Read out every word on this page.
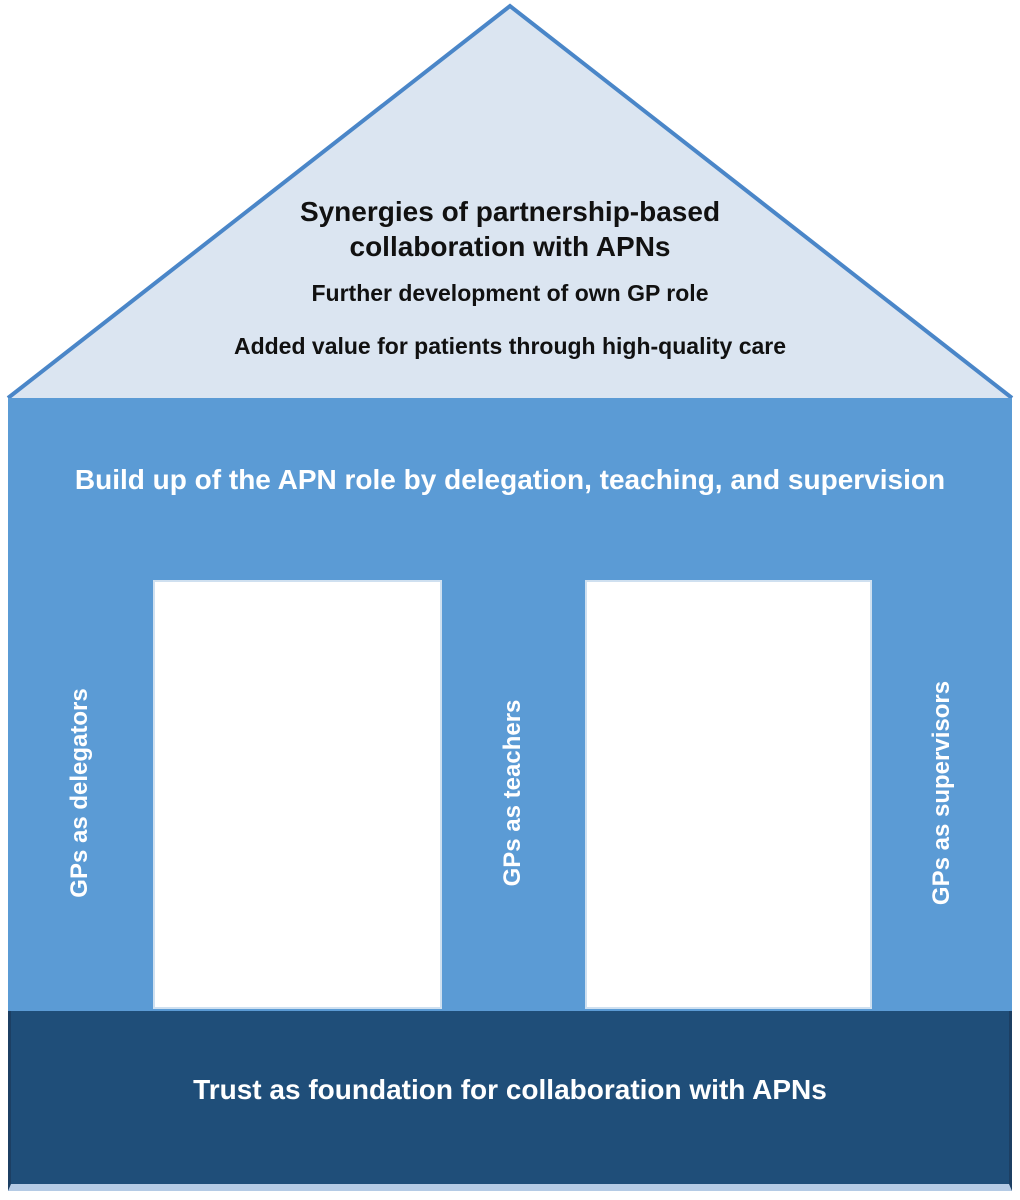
Synergies of partnership-based
collaboration with APNs
Further development of own GP role
Added value for patients through high-quality care
Build up of the APN role by delegation, teaching, and supervision
GPs as delegators	GPs as teachers	GPs as supervisors
Trust as foundation for collaboration with APNs
